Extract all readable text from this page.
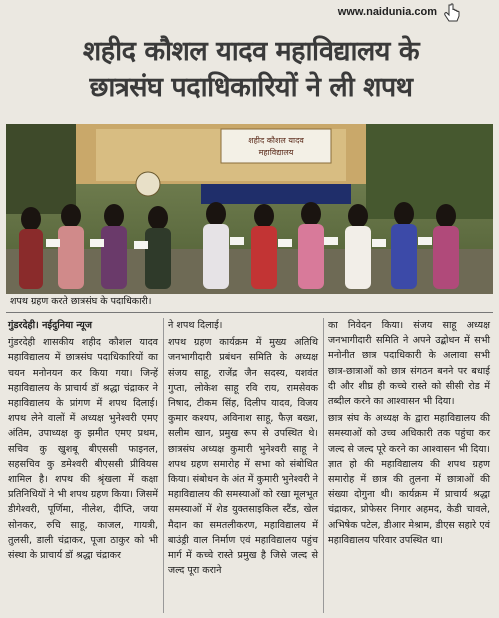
www.naidunia.com
शहीद कौशल यादव महाविद्यालय के
छात्रसंघ पदाधिकारियों ने ली शपथ
शहीद कौशल यादव
महाविद्यालय
शपथ ग्रहण करते छात्रसंघ के पदाधिकारी।

गुंडरदेही। नईदुनिया न्यूज

गुंडरदेही शासकीय शहीद कौशल यादव महाविद्यालय में छात्रसंघ पदाधिकारियों का चयन मनोनयन कर किया गया। जिन्हें महाविद्यालय के प्राचार्य डॉ श्रद्धा चंद्राकर ने महाविद्यालय के प्रांगण में शपथ दिलाई। शपथ लेने वालों में अध्यक्ष भुनेश्वरी एमए अंतिम, उपाध्यक्ष कु झमीत एमए प्रथम, सचिव कु खुशबू बीएससी फाइनल, सहसचिव कु डमेश्वरी बीएससी प्रीवियस शामिल है। शपथ की श्रृंखला में कक्षा प्रतिनिधियों ने भी शपथ ग्रहण किया। जिसमें डीगेश्वरी, पूर्णिमा, नीलेश, दीप्ति, जया सोनकर, रुचि साहू, काजल, गायत्री, तुलसी, डाली चंद्राकर, पूजा ठाकुर को भी संस्था के प्राचार्य डॉ श्रद्धा चंद्राकर

ने शपथ दिलाई।

शपथ ग्रहण कार्यक्रम में मुख्य अतिथि जनभागीदारी प्रबंधन समिति के अध्यक्ष संजय साहू, राजेंद्र जैन सदस्य, यशवंत गुप्ता, लोकेश साहू रवि राय, रामसेवक निषाद, टीकम सिंह, दिलीप यादव, विजय कुमार कश्यप, अविनाश साहू, फैज़ बख्श, सलीम खान, प्रमुख रूप से उपस्थित थे। छात्रसंघ अध्यक्ष कुमारी भुनेश्वरी साहू ने शपथ ग्रहण समारोह में सभा को संबोधित किया। संबोधन के अंत में कुमारी भुनेश्वरी ने महाविद्यालय की समस्याओं को रखा मूलभूत समस्याओं में शेड युक्तसाइकिल स्टैंड, खेल मैदान का समतलीकरण, महाविद्यालय में बाउंड्री वाल निर्माण एवं महाविद्यालय पहुंच मार्ग में कच्चे रास्ते प्रमुख है जिसे जल्द से जल्द पूरा कराने

का निवेदन किया। संजय साहू अध्यक्ष जनभागीदारी समिति ने अपने उद्बोधन में सभी मनोनीत छात्र पदाधिकारी के अलावा सभी छात्र-छात्राओं को छात्र संगठन बनने पर बधाई दी और शीघ्र ही कच्चे रास्ते को सीसी रोड में तब्दील करने का आश्वासन भी दिया।

छात्र संघ के अध्यक्ष के द्वारा महाविद्यालय की समस्याओं को उच्च अधिकारी तक पहुंचा कर जल्द से जल्द पूरे करने का आश्वासन भी दिया। ज्ञात हो की महाविद्यालय की शपथ ग्रहण समारोह में छात्र की तुलना में छात्राओं की संख्या दोगुना थी। कार्यक्रम में प्राचार्य श्रद्धा चंद्राकर, प्रोफेसर निगार अहमद, केडी चावले, अभिषेक पटेल, डीआर मेश्राम, डीएस सहारे एवं महाविद्यालय परिवार उपस्थित था।
